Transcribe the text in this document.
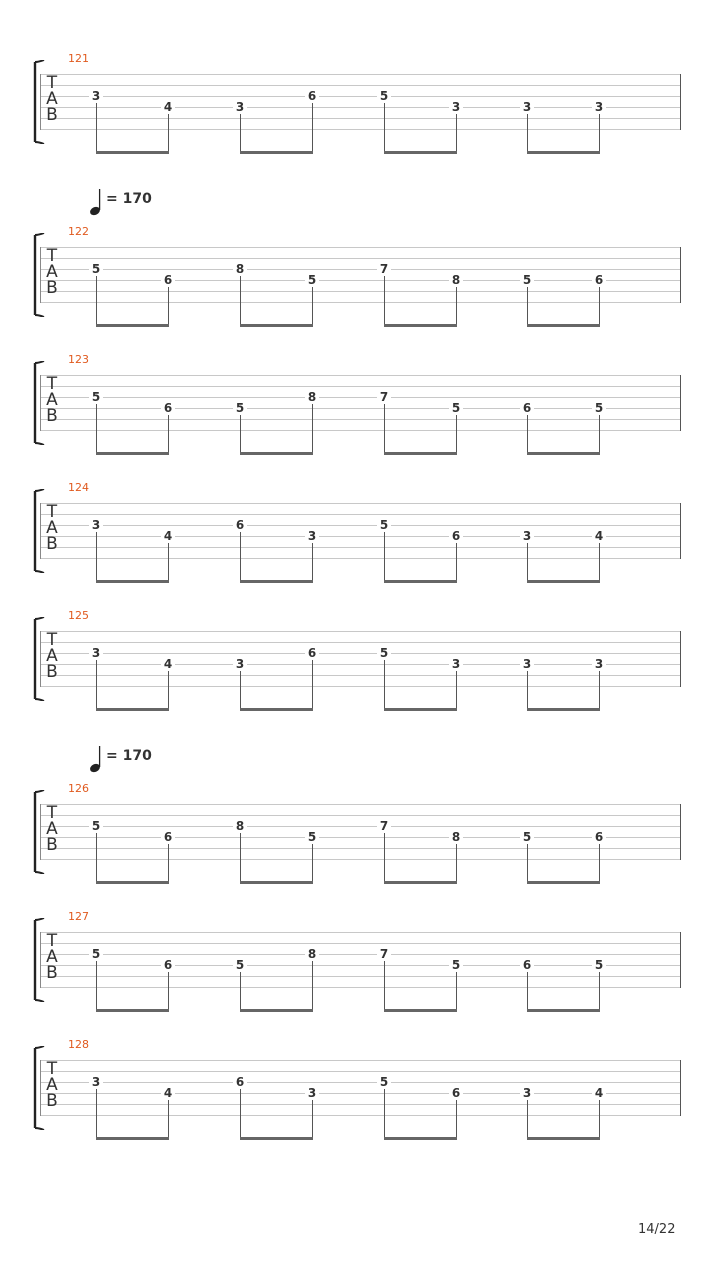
121
T
A
B
3
4	3
6	5
3	3	3
122
T
A
B
5
6
8
5
7
8	5	6
= 170
123
T
A
B
5
6	5
8	7
5	6	5
124
T
A
B
3
4
6
3
5
6	3	4
125
T
A
B
3
4	3
6	5
3	3	3
126
T
A
B
5
6
8
5
7
8	5	6
= 170
127
T
A
B
5
6	5
8	7
5	6	5
128
T
A
B
3
4
6
3
5
6	3	4
14/22
